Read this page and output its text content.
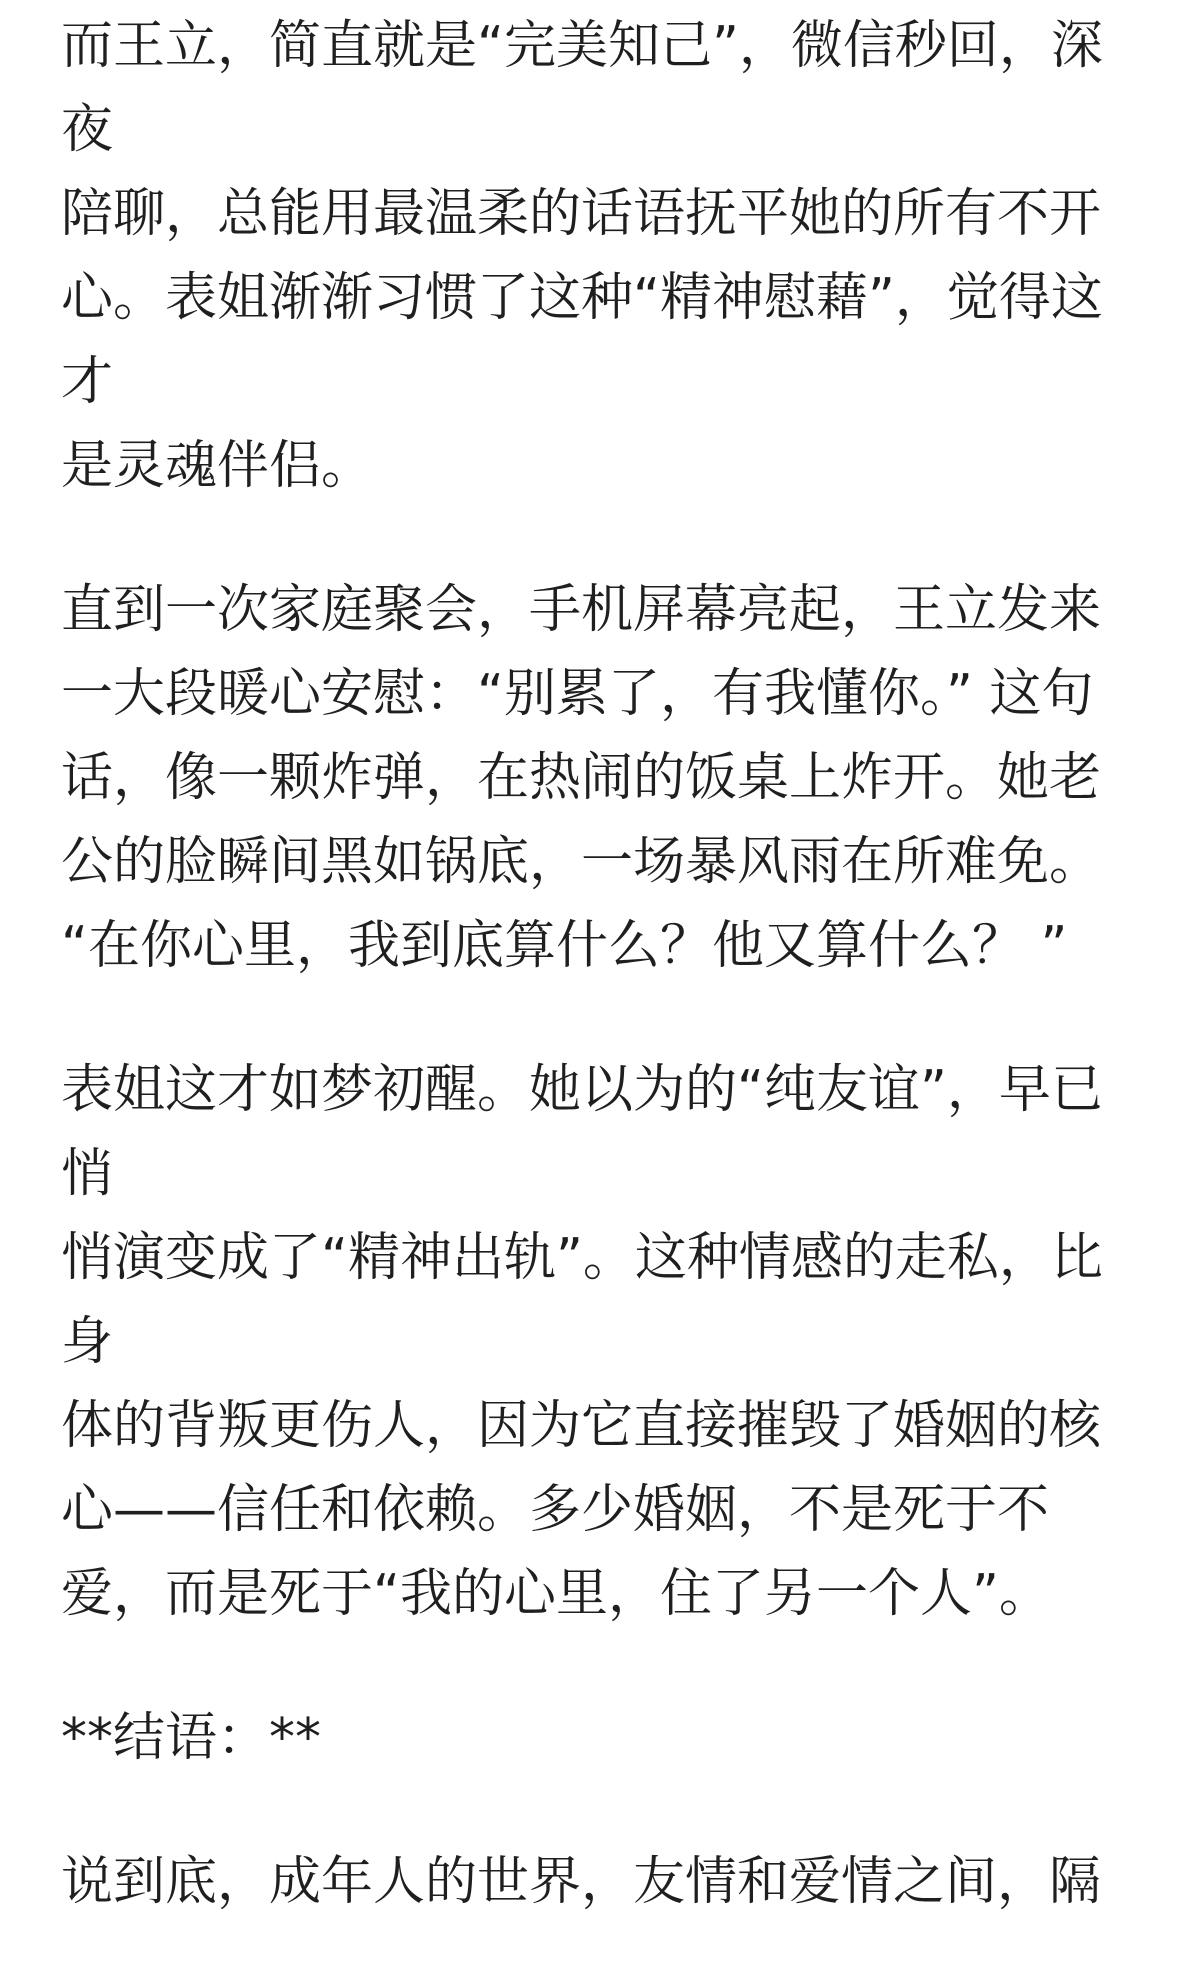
而王立，简直就是“完美知己”，微信秒回，深夜
陪聊，总能用最温柔的话语抚平她的所有不开
心。表姐渐渐习惯了这种“精神慰藉”，觉得这才
是灵魂伴侣。
直到一次家庭聚会，手机屏幕亮起，王立发来
一大段暖心安慰：“别累了，有我懂你。” 这句
话，像一颗炸弹，在热闹的饭桌上炸开。她老
公的脸瞬间黑如锅底，一场暴风雨在所难免。
“在你心里，我到底算什么？他又算什么？ ”
表姐这才如梦初醒。她以为的“纯友谊”，早已悄
悄演变成了“精神出轨”。这种情感的走私，比身
体的背叛更伤人，因为它直接摧毁了婚姻的核
心——信任和依赖。多少婚姻，不是死于不
爱，而是死于“我的心里，住了另一个人”。
**结语：**
说到底，成年人的世界，友情和爱情之间，隔
